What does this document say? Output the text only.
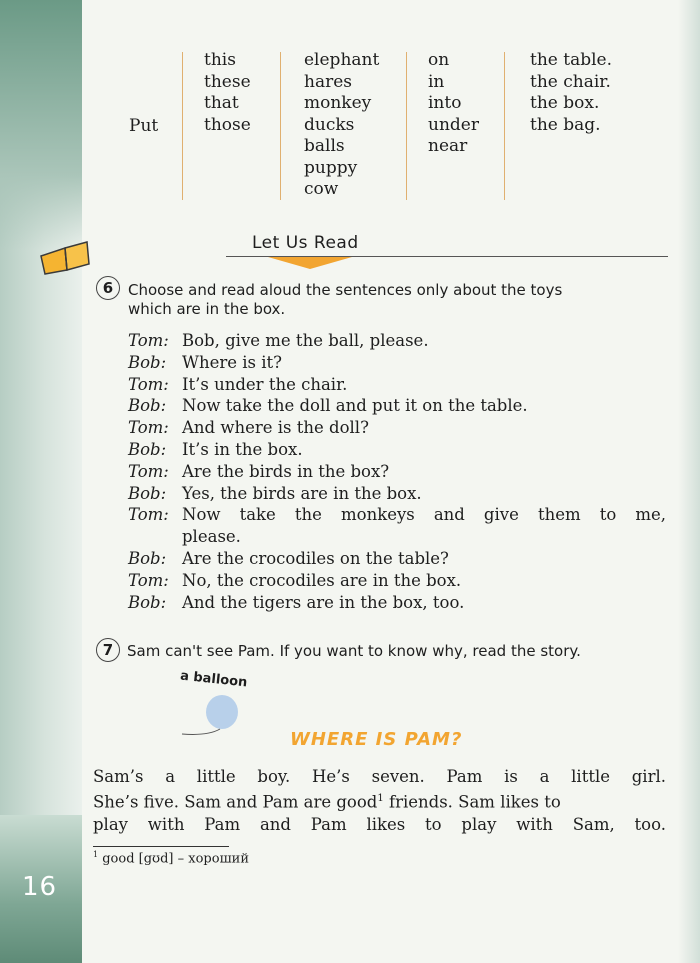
16
Put
this
these
that
those
elephant
hares
monkey
ducks
balls
puppy
cow
on
in
into
under
near
the table.
the chair.
the box.
the bag.
Let Us Read
6 Choose and read aloud the sentences only about the toys
which are in the box.
Tom: Bob, give me the ball, please.
Bob: Where is it?
Tom: It’s under the chair.
Bob: Now take the doll and put it on the table.
Tom: And where is the doll?
Bob: It’s in the box.
Tom: Are the birds in the box?
Bob: Yes, the birds are in the box.
Tom: Now take the monkeys and give them to me,
please.
Bob: Are the crocodiles on the table?
Tom: No, the crocodiles are in the box.
Bob: And the tigers are in the box, too.
7 Sam can't see Pam. If you want to know why, read the story.
a balloon
WHERE IS PAM?
Sam’s a little boy. He’s seven. Pam is a little girl.
She’s five. Sam and Pam are good$^1$ friends. Sam likes to
play with Pam and Pam likes to play with Sam, too.
$^1$ good [gʊd] – хороший
